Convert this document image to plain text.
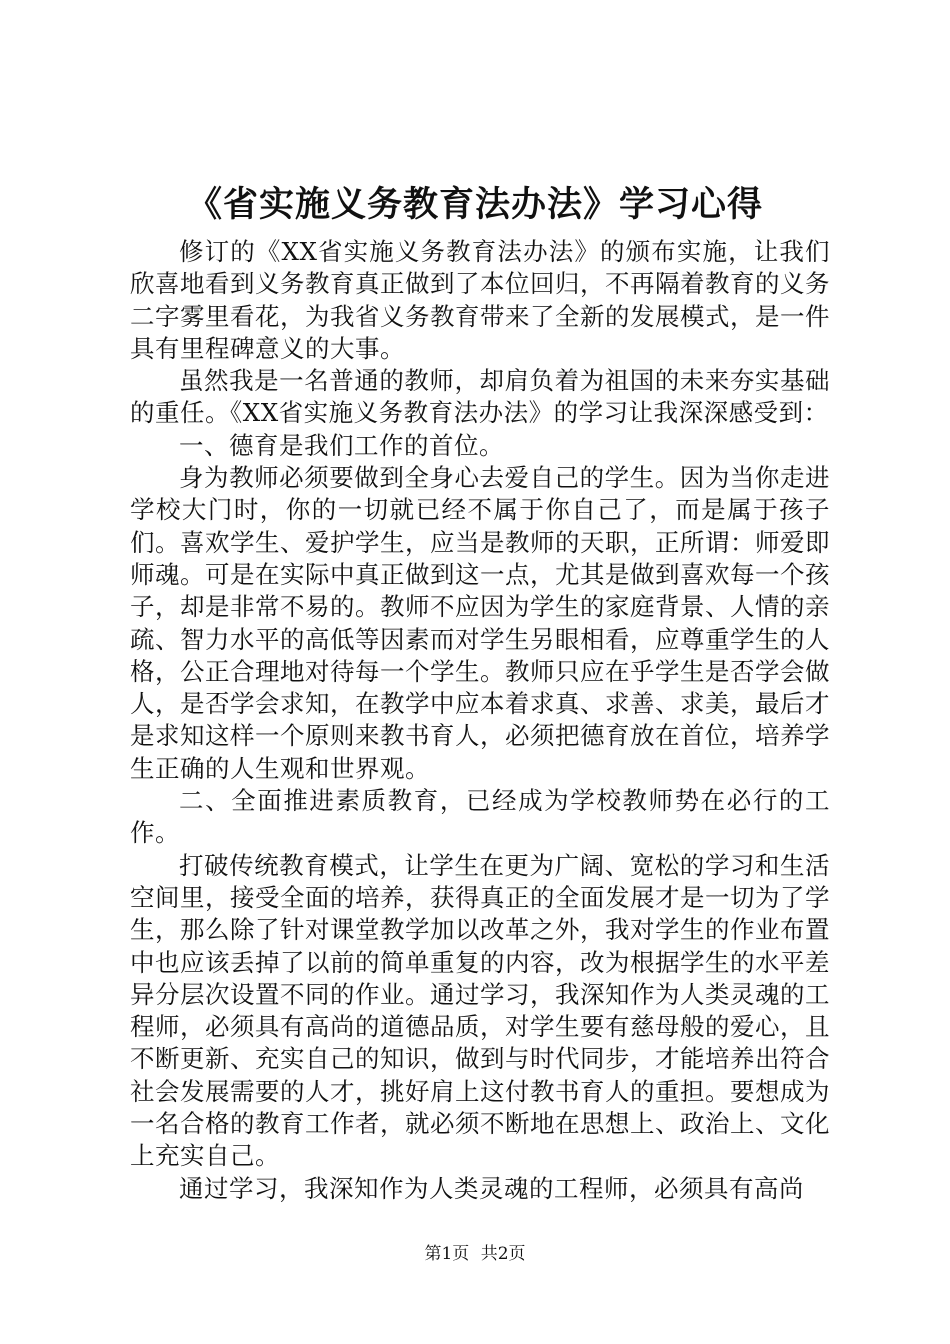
《省实施义务教育法办法》学习心得

修订的《XX省实施义务教育法办法》的颁布实施，让我们欣喜地看到义务教育真正做到了本位回归，不再隔着教育的义务二字雾里看花，为我省义务教育带来了全新的发展模式，是一件具有里程碑意义的大事。

虽然我是一名普通的教师，却肩负着为祖国的未来夯实基础的重任。《XX省实施义务教育法办法》的学习让我深深感受到：

一、德育是我们工作的首位。

身为教师必须要做到全身心去爱自己的学生。因为当你走进学校大门时，你的一切就已经不属于你自己了，而是属于孩子们。喜欢学生、爱护学生，应当是教师的天职，正所谓：师爱即师魂。可是在实际中真正做到这一点，尤其是做到喜欢每一个孩子，却是非常不易的。教师不应因为学生的家庭背景、人情的亲疏、智力水平的高低等因素而对学生另眼相看，应尊重学生的人格，公正合理地对待每一个学生。教师只应在乎学生是否学会做人，是否学会求知，在教学中应本着求真、求善、求美，最后才是求知这样一个原则来教书育人，必须把德育放在首位，培养学生正确的人生观和世界观。

二、全面推进素质教育，已经成为学校教师势在必行的工作。

打破传统教育模式，让学生在更为广阔、宽松的学习和生活空间里，接受全面的培养，获得真正的全面发展才是一切为了学生，那么除了针对课堂教学加以改革之外，我对学生的作业布置中也应该丢掉了以前的简单重复的内容，改为根据学生的水平差异分层次设置不同的作业。通过学习，我深知作为人类灵魂的工程师，必须具有高尚的道德品质，对学生要有慈母般的爱心，且不断更新、充实自己的知识，做到与时代同步，才能培养出符合社会发展需要的人才，挑好肩上这付教书育人的重担。要想成为一名合格的教育工作者，就必须不断地在思想上、政治上、文化上充实自己。

通过学习，我深知作为人类灵魂的工程师，必须具有高尚

第1页 共2页
